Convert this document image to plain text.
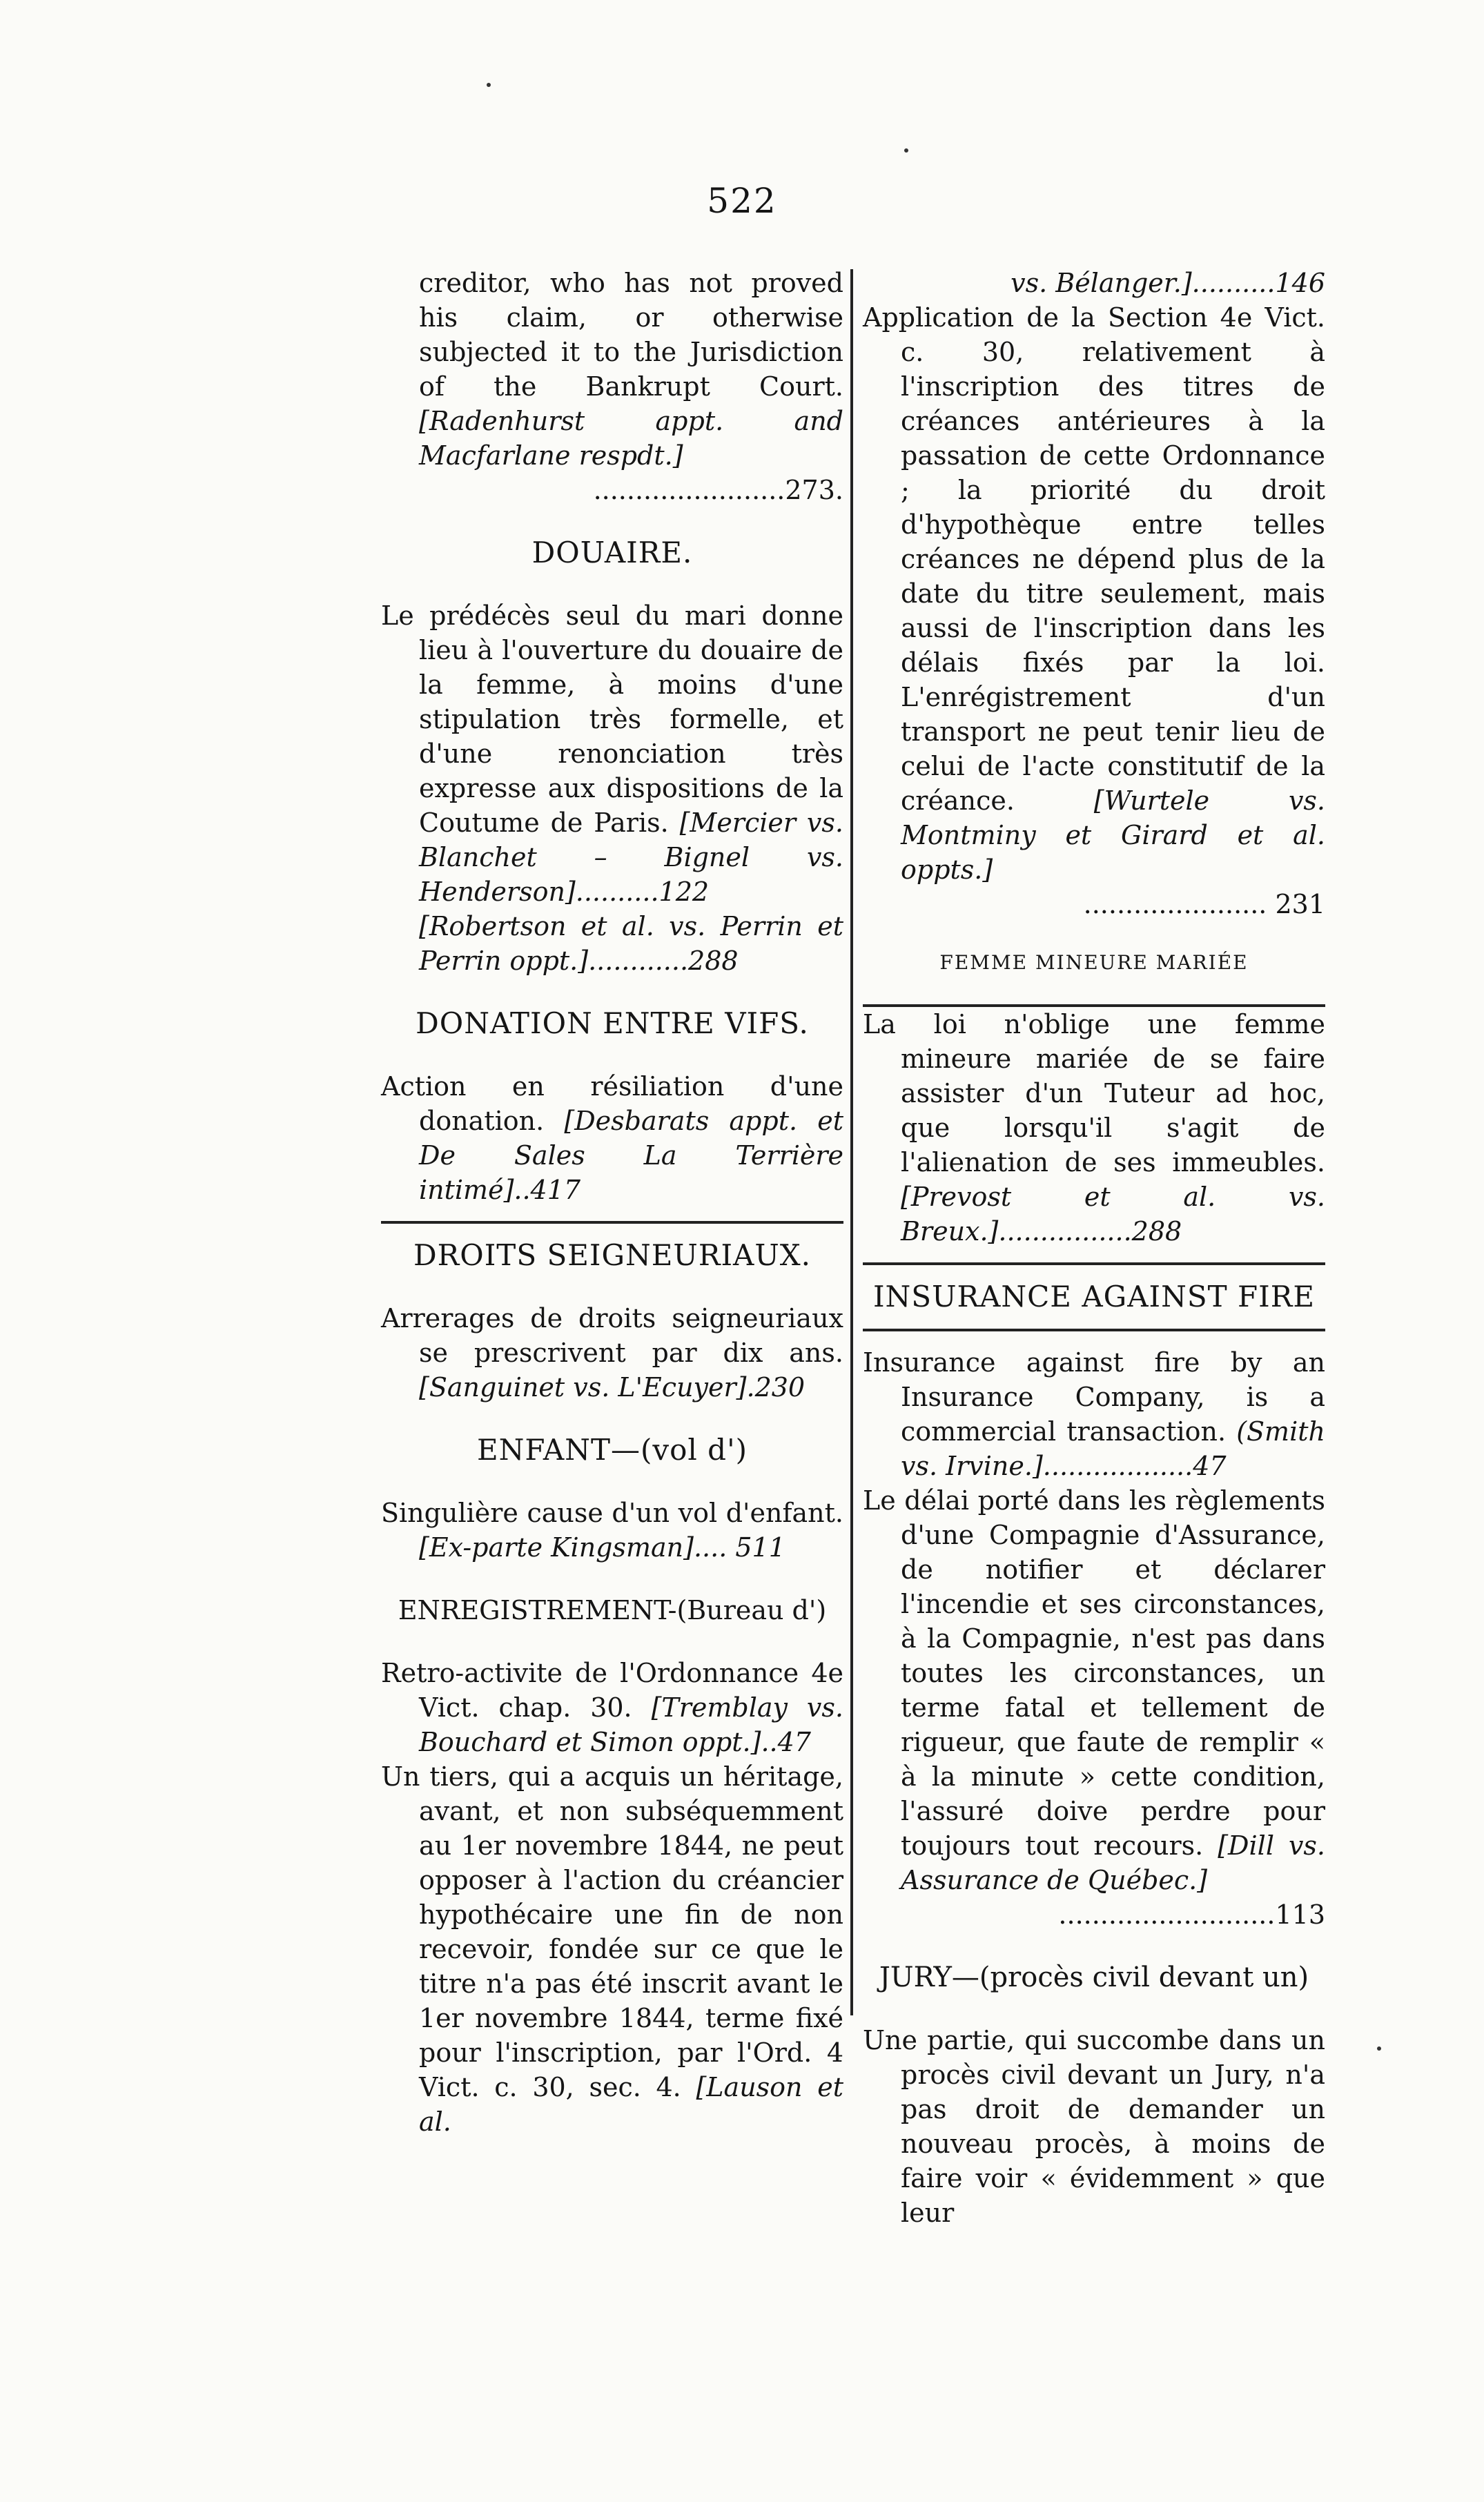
522

creditor, who has not proved his claim, or otherwise subjected it to the Jurisdiction of the Bankrupt Court. [Radenhurst appt. and Macfarlane respdt.]

.......................273.

DOUAIRE.

Le prédécès seul du mari donne lieu à l'ouverture du douaire de la femme, à moins d'une stipulation très formelle, et d'une renonciation très expresse aux dispositions de la Coutume de Paris. [Mercier vs. Blanchet – Bignel vs. Henderson]..........122 [Robertson et al. vs. Perrin et Perrin oppt.]............288

DONATION ENTRE VIFS.

Action en résiliation d'une donation. [Desbarats appt. et De Sales La Terrière intimé]..417

DROITS SEIGNEURIAUX.

Arrerages de droits seigneuriaux se prescrivent par dix ans. [Sanguinet vs. L'Ecuyer].230

ENFANT—(vol d')

Singulière cause d'un vol d'enfant. [Ex-parte Kingsman].... 511

ENREGISTREMENT-(Bureau d')

Retro-activite de l'Ordonnance 4e Vict. chap. 30. [Tremblay vs. Bouchard et Simon oppt.]..47

Un tiers, qui a acquis un héritage, avant, et non subséquemment au 1er novembre 1844, ne peut opposer à l'action du créancier hypothécaire une fin de non recevoir, fondée sur ce que le titre n'a pas été inscrit avant le 1er novembre 1844, terme fixé pour l'inscription, par l'Ord. 4 Vict. c. 30, sec. 4. [Lauson et al.

vs. Bélanger.]..........146

Application de la Section 4e Vict. c. 30, relativement à l'inscription des titres de créances antérieures à la passation de cette Ordonnance ; la priorité du droit d'hypothèque entre telles créances ne dépend plus de la date du titre seulement, mais aussi de l'inscription dans les délais fixés par la loi. L'enrégistrement d'un transport ne peut tenir lieu de celui de l'acte constitutif de la créance.	[Wurtele vs. Montminy et Girard et al. oppts.]

...................... 231

FEMME MINEURE MARIÉE

La loi n'oblige une femme mineure mariée de se faire assister d'un Tuteur ad hoc, que lorsqu'il s'agit de l'alienation de ses immeubles. [Prevost et al. vs. Breux.]................288

INSURANCE AGAINST FIRE

Insurance against fire by an Insurance Company, is a commercial transaction. (Smith vs. Irvine.]..................47

Le délai porté dans les règlements d'une Compagnie d'Assurance, de notifier et déclarer l'incendie et ses circonstances, à la Compagnie, n'est pas dans toutes les circonstances, un terme fatal et tellement de rigueur, que faute de remplir « à la minute » cette condition, l'assuré doive perdre pour toujours tout recours. [Dill vs. Assurance de Québec.]

..........................113

JURY—(procès civil devant un)

Une partie, qui succombe dans un procès civil devant un Jury, n'a pas droit de demander un nouveau procès, à moins de faire voir « évidemment » que leur
